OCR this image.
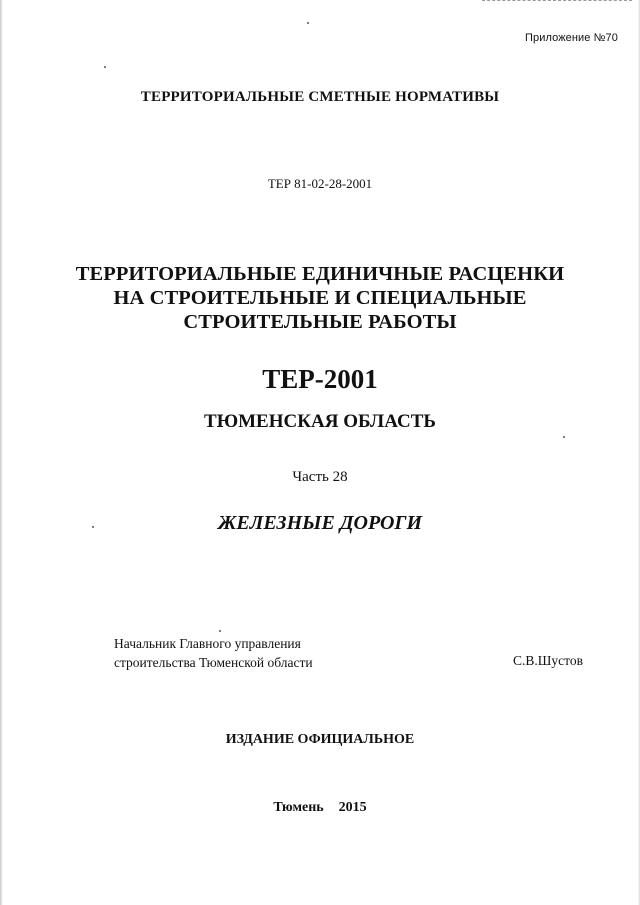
Приложение №70
ТЕРРИТОРИАЛЬНЫЕ СМЕТНЫЕ НОРМАТИВЫ
ТЕР 81-02-28-2001
ТЕРРИТОРИАЛЬНЫЕ ЕДИНИЧНЫЕ РАСЦЕНКИ
НА СТРОИТЕЛЬНЫЕ И СПЕЦИАЛЬНЫЕ
СТРОИТЕЛЬНЫЕ РАБОТЫ
ТЕР-2001
ТЮМЕНСКАЯ ОБЛАСТЬ
Часть 28
ЖЕЛЕЗНЫЕ ДОРОГИ
Начальник Главного управления
строительства Тюменской области	С.В.Шустов
ИЗДАНИЕ ОФИЦИАЛЬНОЕ
Тюмень  2015
